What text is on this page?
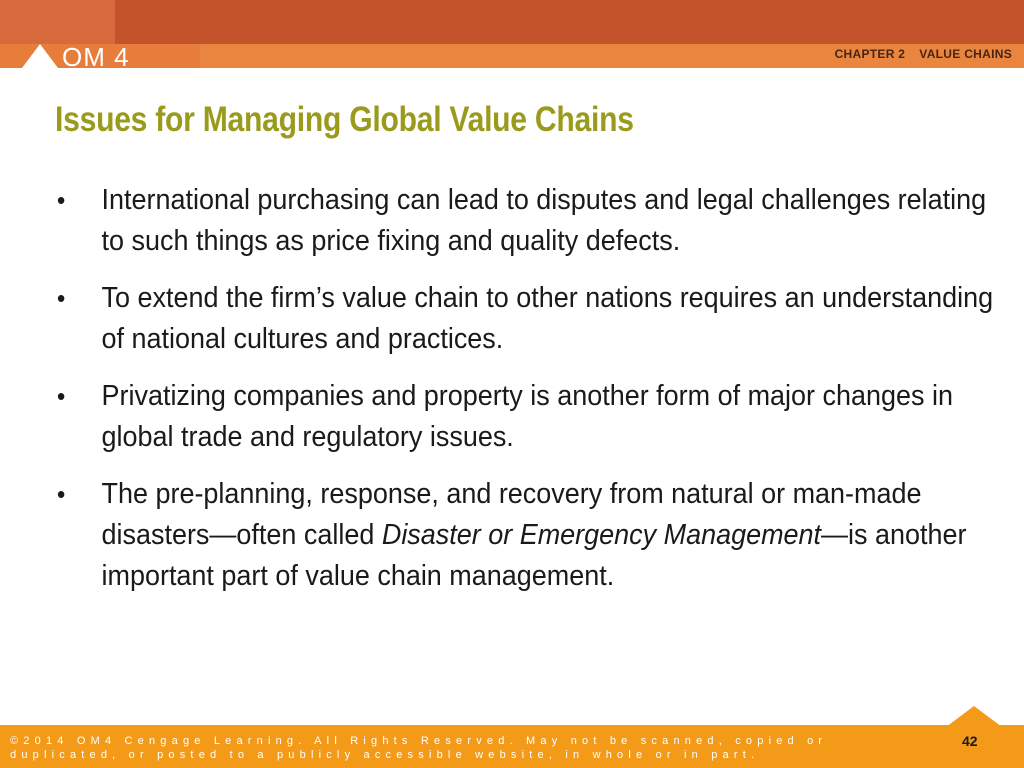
OM 4	CHAPTER 2 VALUE CHAINS
Issues for Managing Global Value Chains
• International purchasing can lead to disputes and legal challenges relating to such things as price fixing and quality defects.
• To extend the firm’s value chain to other nations requires an understanding of national cultures and practices.
• Privatizing companies and property is another form of major changes in global trade and regulatory issues.
• The pre-planning, response, and recovery from natural or man-made disasters—often called Disaster or Emergency Management—is another important part of value chain management.
©2014 OM4 Cengage Learning. All Rights Reserved. May not be scanned, copied or duplicated, or posted to a publicly accessible website, in whole or in part.
42
